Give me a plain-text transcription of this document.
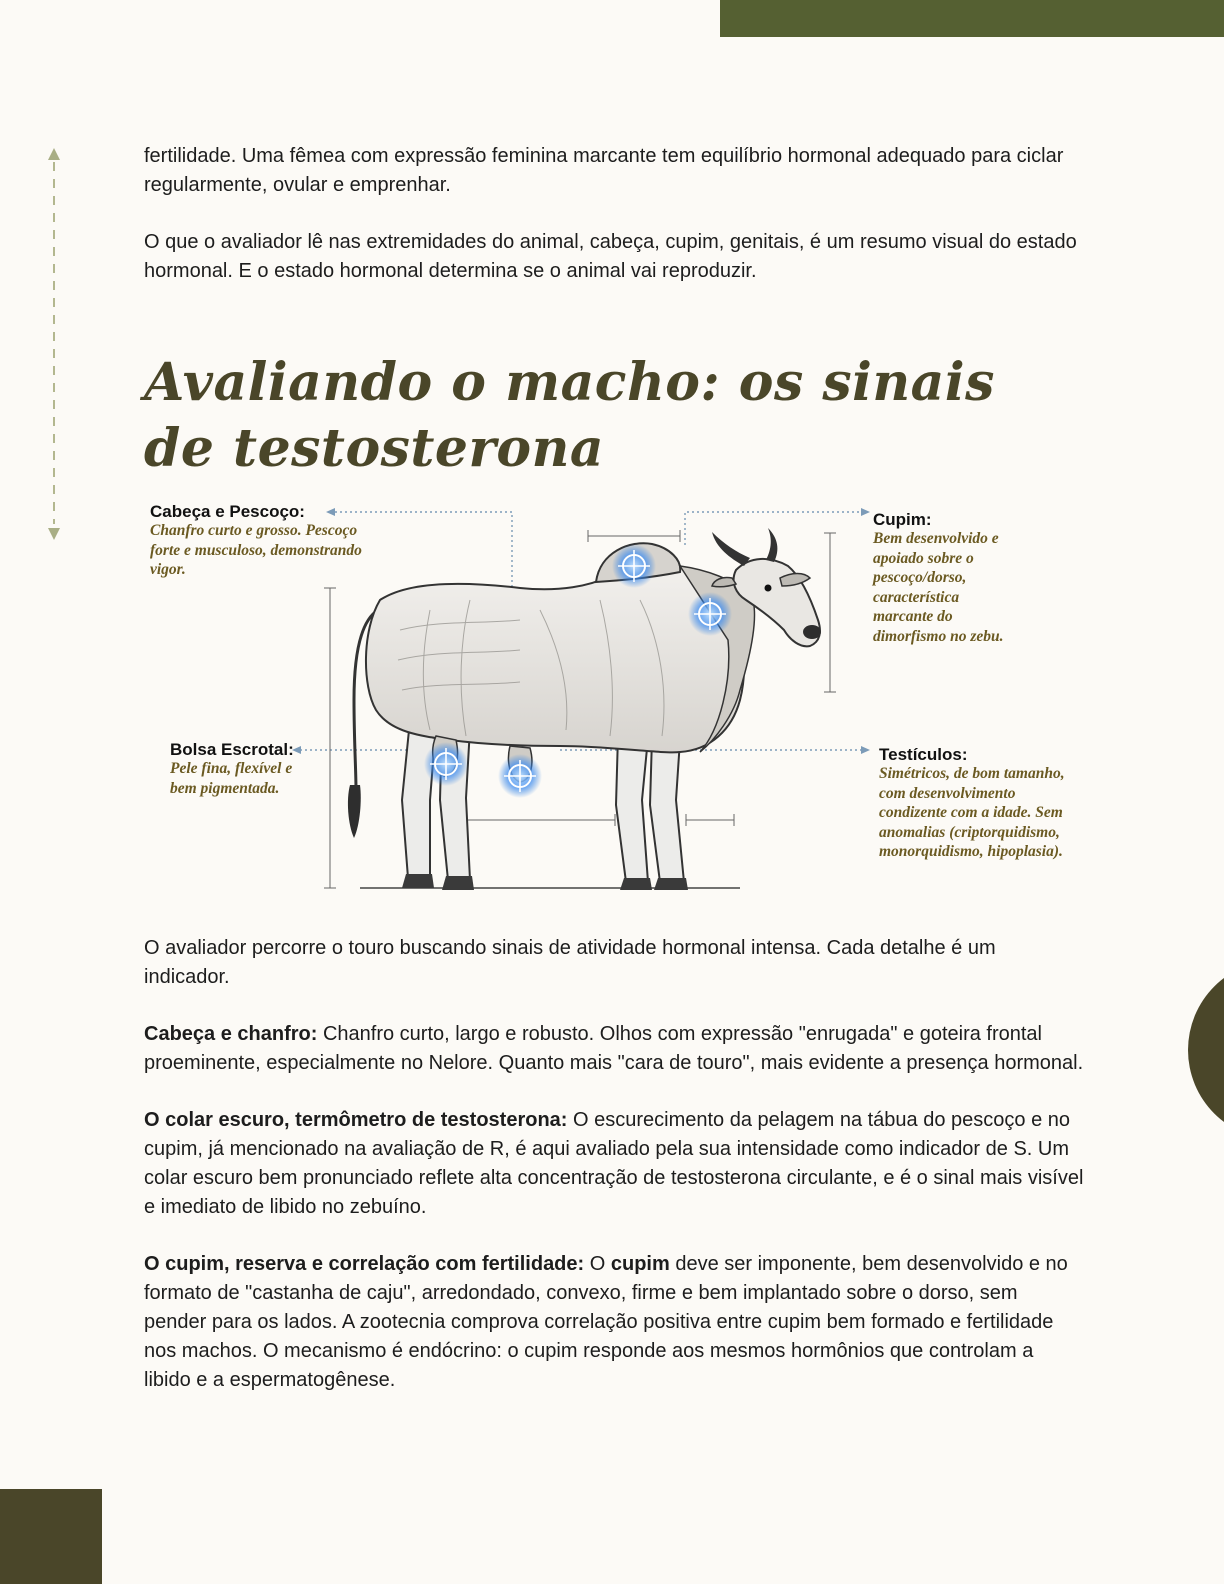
fertilidade. Uma fêmea com expressão feminina marcante tem equilíbrio hormonal adequado para ciclar regularmente, ovular e emprenhar.

O que o avaliador lê nas extremidades do animal, cabeça, cupim, genitais, é um resumo visual do estado hormonal. E o estado hormonal determina se o animal vai reproduzir.

Avaliando o macho: os sinais de testosterona
Cabeça e Pescoço:
Chanfro curto e grosso. Pescoço forte e musculoso, demonstrando vigor.
Bolsa Escrotal:
Pele fina, flexível e bem pigmentada.
Cupim:
Bem desenvolvido e apoiado sobre o pescoço/dorso, característica marcante do dimorfismo no zebu.
Testículos:
Simétricos, de bom tamanho, com desenvolvimento condizente com a idade. Sem anomalias (criptorquidismo, monorquidismo, hipoplasia).

O avaliador percorre o touro buscando sinais de atividade hormonal intensa. Cada detalhe é um indicador.

Cabeça e chanfro: Chanfro curto, largo e robusto. Olhos com expressão "enrugada" e goteira frontal proeminente, especialmente no Nelore. Quanto mais "cara de touro", mais evidente a presença hormonal.

O colar escuro, termômetro de testosterona: O escurecimento da pelagem na tábua do pescoço e no cupim, já mencionado na avaliação de R, é aqui avaliado pela sua intensidade como indicador de S. Um colar escuro bem pronunciado reflete alta concentração de testosterona circulante, e é o sinal mais visível e imediato de libido no zebuíno.

O cupim, reserva e correlação com fertilidade: O cupim deve ser imponente, bem desenvolvido e no formato de "castanha de caju", arredondado, convexo, firme e bem implantado sobre o dorso, sem pender para os lados. A zootecnia comprova correlação positiva entre cupim bem formado e fertilidade nos machos. O mecanismo é endócrino: o cupim responde aos mesmos hormônios que controlam a libido e a espermatogênese.
